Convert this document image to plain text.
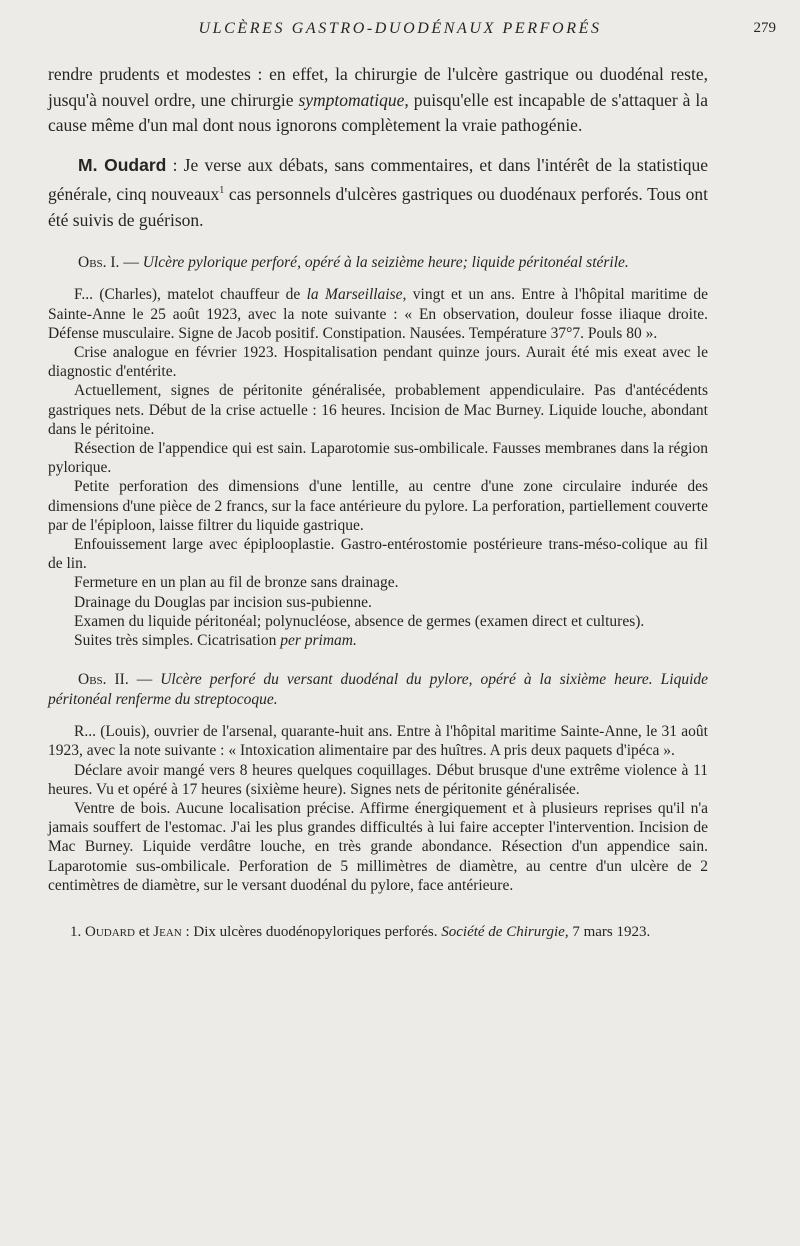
ULCÈRES GASTRO-DUODÉNAUX PERFORÉS	279

rendre prudents et modestes : en effet, la chirurgie de l'ulcère gastrique ou duodénal reste, jusqu'à nouvel ordre, une chirurgie symptomatique, puisqu'elle est incapable de s'attaquer à la cause même d'un mal dont nous ignorons complètement la vraie pathogénie.

M. Oudard : Je verse aux débats, sans commentaires, et dans l'intérêt de la statistique générale, cinq nouveaux$^1$ cas personnels d'ulcères gastriques ou duodénaux perforés. Tous ont été suivis de guérison.

Obs. I. — Ulcère pylorique perforé, opéré à la seizième heure; liquide péritonéal stérile.

F... (Charles), matelot chauffeur de la Marseillaise, vingt et un ans. Entre à l'hôpital maritime de Sainte-Anne le 25 août 1923, avec la note suivante : « En observation, douleur fosse iliaque droite. Défense musculaire. Signe de Jacob positif. Constipation. Nausées. Température 37°7. Pouls 80 ».

Crise analogue en février 1923. Hospitalisation pendant quinze jours. Aurait été mis exeat avec le diagnostic d'entérite.

Actuellement, signes de péritonite généralisée, probablement appendiculaire. Pas d'antécédents gastriques nets. Début de la crise actuelle : 16 heures. Incision de Mac Burney. Liquide louche, abondant dans le péritoine.

Résection de l'appendice qui est sain. Laparotomie sus-ombilicale. Fausses membranes dans la région pylorique.

Petite perforation des dimensions d'une lentille, au centre d'une zone circulaire indurée des dimensions d'une pièce de 2 francs, sur la face antérieure du pylore. La perforation, partiellement couverte par de l'épiploon, laisse filtrer du liquide gastrique.

Enfouissement large avec épiplooplastie. Gastro-entérostomie postérieure trans-méso-colique au fil de lin.

Fermeture en un plan au fil de bronze sans drainage.

Drainage du Douglas par incision sus-pubienne.

Examen du liquide péritonéal; polynucléose, absence de germes (examen direct et cultures).

Suites très simples. Cicatrisation per primam.

Obs. II. — Ulcère perforé du versant duodénal du pylore, opéré à la sixième heure. Liquide péritonéal renferme du streptocoque.

R... (Louis), ouvrier de l'arsenal, quarante-huit ans. Entre à l'hôpital maritime Sainte-Anne, le 31 août 1923, avec la note suivante : « Intoxication alimentaire par des huîtres. A pris deux paquets d'ipéca ».

Déclare avoir mangé vers 8 heures quelques coquillages. Début brusque d'une extrême violence à 11 heures. Vu et opéré à 17 heures (sixième heure). Signes nets de péritonite généralisée.

Ventre de bois. Aucune localisation précise. Affirme énergiquement et à plusieurs reprises qu'il n'a jamais souffert de l'estomac. J'ai les plus grandes difficultés à lui faire accepter l'intervention. Incision de Mac Burney. Liquide verdâtre louche, en très grande abondance. Résection d'un appendice sain. Laparotomie sus-ombilicale. Perforation de 5 millimètres de diamètre, au centre d'un ulcère de 2 centimètres de diamètre, sur le versant duodénal du pylore, face antérieure.

1. Oudard et Jean : Dix ulcères duodénopyloriques perforés. Société de Chirurgie, 7 mars 1923.
